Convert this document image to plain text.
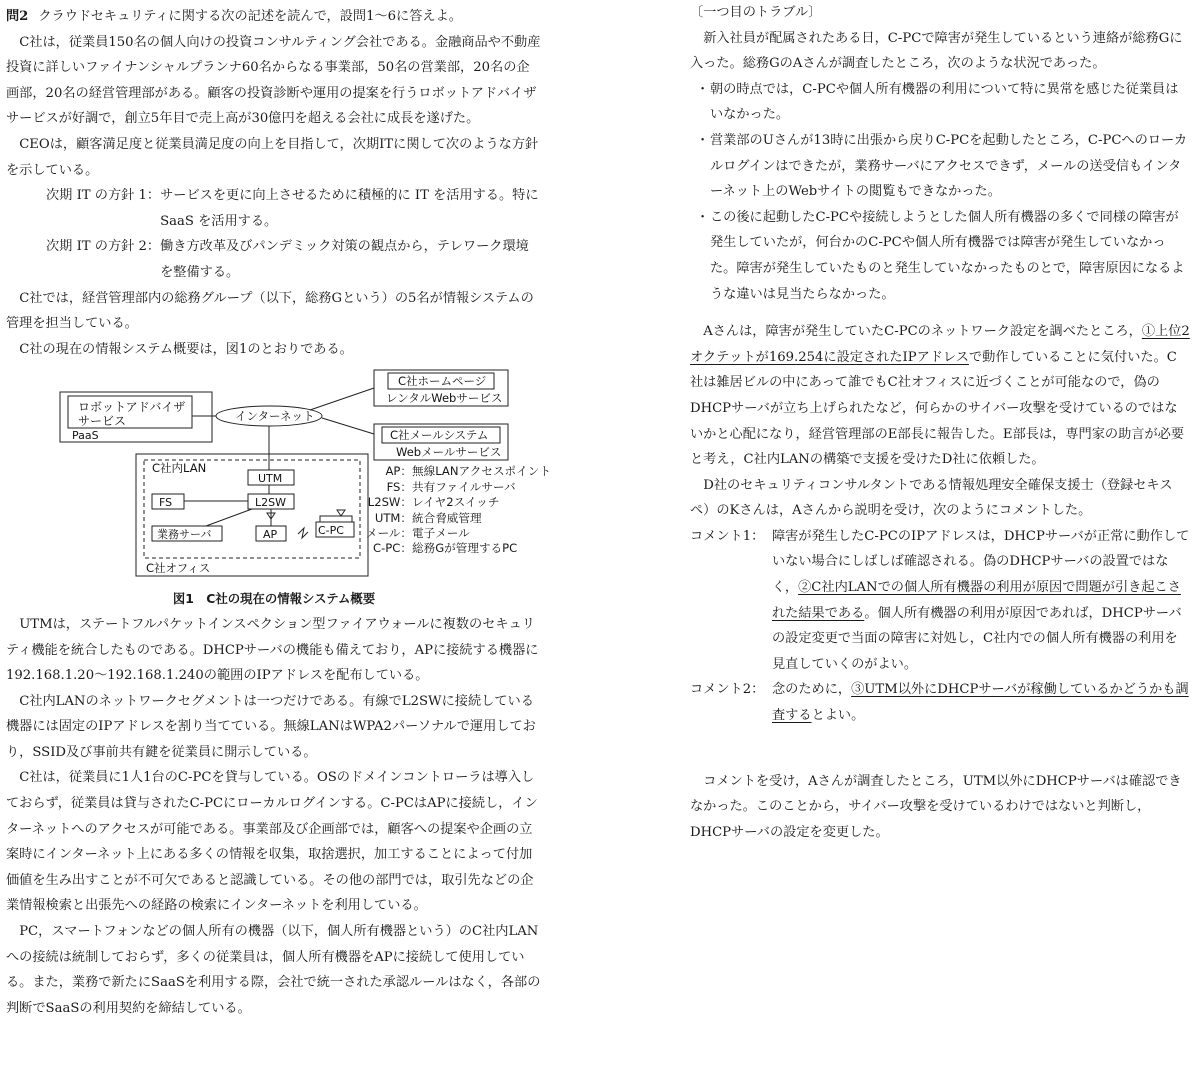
問2 クラウドセキュリティに関する次の記述を読んで，設問1〜6に答えよ。

C社は，従業員150名の個人向けの投資コンサルティング会社である。金融商品や不動産投資に詳しいファイナンシャルプランナ60名からなる事業部，50名の営業部，20名の企画部，20名の経営管理部がある。顧客の投資診断や運用の提案を行うロボットアドバイザサービスが好調で，創立5年目で売上高が30億円を超える会社に成長を遂げた。

CEOは，顧客満足度と従業員満足度の向上を目指して，次期ITに関して次のような方針を示している。

次期 IT の方針 1： サービスを更に向上させるために積極的に IT を活用する。特に SaaS を活用する。
次期 IT の方針 2： 働き方改革及びパンデミック対策の観点から，テレワーク環境を整備する。

C社では，経営管理部内の総務グループ（以下，総務Gという）の5名が情報システムの管理を担当している。

C社の現在の情報システム概要は，図1のとおりである。

ロボットアドバイザ
サービス
PaaS
インターネット
C社ホームページ
レンタルWebサービス
C社メールシステム
Webメールサービス
C社内LAN
UTM
L2SW
FS
業務サーバ	AP	C-PC
C社オフィス
AP：無線LANアクセスポイント
FS：共有ファイルサーバ
L2SW：レイヤ2スイッチ
UTM：統合脅威管理
メール：電子メール
C-PC：総務Gが管理するPC

図1　C社の現在の情報システム概要

UTMは，ステートフルパケットインスペクション型ファイアウォールに複数のセキュリティ機能を統合したものである。DHCPサーバの機能も備えており，APに接続する機器に192.168.1.20〜192.168.1.240の範囲のIPアドレスを配布している。

C社内LANのネットワークセグメントは一つだけである。有線でL2SWに接続している機器には固定のIPアドレスを割り当てている。無線LANはWPA2パーソナルで運用しており，SSID及び事前共有鍵を従業員に開示している。

C社は，従業員に1人1台のC-PCを貸与している。OSのドメインコントローラは導入しておらず，従業員は貸与されたC-PCにローカルログインする。C-PCはAPに接続し，インターネットへのアクセスが可能である。事業部及び企画部では，顧客への提案や企画の立案時にインターネット上にある多くの情報を収集，取捨選択，加工することによって付加価値を生み出すことが不可欠であると認識している。その他の部門では，取引先などの企業情報検索と出張先への経路の検索にインターネットを利用している。

PC，スマートフォンなどの個人所有の機器（以下，個人所有機器という）のC社内LANへの接続は統制しておらず，多くの従業員は，個人所有機器をAPに接続して使用している。また，業務で新たにSaaSを利用する際，会社で統一された承認ルールはなく，各部の判断でSaaSの利用契約を締結している。

〔一つ目のトラブル〕

新入社員が配属されたある日，C-PCで障害が発生しているという連絡が総務Gに入った。総務GのAさんが調査したところ，次のような状況であった。

・ 朝の時点では，C-PCや個人所有機器の利用について特に異常を感じた従業員はいなかった。
・ 営業部のUさんが13時に出張から戻りC-PCを起動したところ，C-PCへのローカルログインはできたが，業務サーバにアクセスできず，メールの送受信もインターネット上のWebサイトの閲覧もできなかった。
・ この後に起動したC-PCや接続しようとした個人所有機器の多くで同様の障害が発生していたが，何台かのC-PCや個人所有機器では障害が発生していなかった。障害が発生していたものと発生していなかったものとで，障害原因になるような違いは見当たらなかった。

Aさんは，障害が発生していたC-PCのネットワーク設定を調べたところ，①上位2オクテットが169.254に設定されたIPアドレスで動作していることに気付いた。C社は雑居ビルの中にあって誰でもC社オフィスに近づくことが可能なので，偽のDHCPサーバが立ち上げられたなど，何らかのサイバー攻撃を受けているのではないかと心配になり，経営管理部のE部長に報告した。E部長は，専門家の助言が必要と考え，C社内LANの構築で支援を受けたD社に依頼した。

D社のセキュリティコンサルタントである情報処理安全確保支援士（登録セキスペ）のKさんは，Aさんから説明を受け，次のようにコメントした。

コメント1： 障害が発生したC-PCのIPアドレスは，DHCPサーバが正常に動作していない場合にしばしば確認される。偽のDHCPサーバの設置ではなく，②C社内LANでの個人所有機器の利用が原因で問題が引き起こされた結果である。個人所有機器の利用が原因であれば，DHCPサーバの設定変更で当面の障害に対処し，C社内での個人所有機器の利用を見直していくのがよい。
コメント2： 念のために，③UTM以外にDHCPサーバが稼働しているかどうかも調査するとよい。

コメントを受け，Aさんが調査したところ，UTM以外にDHCPサーバは確認できなかった。このことから，サイバー攻撃を受けているわけではないと判断し，DHCPサーバの設定を変更した。
